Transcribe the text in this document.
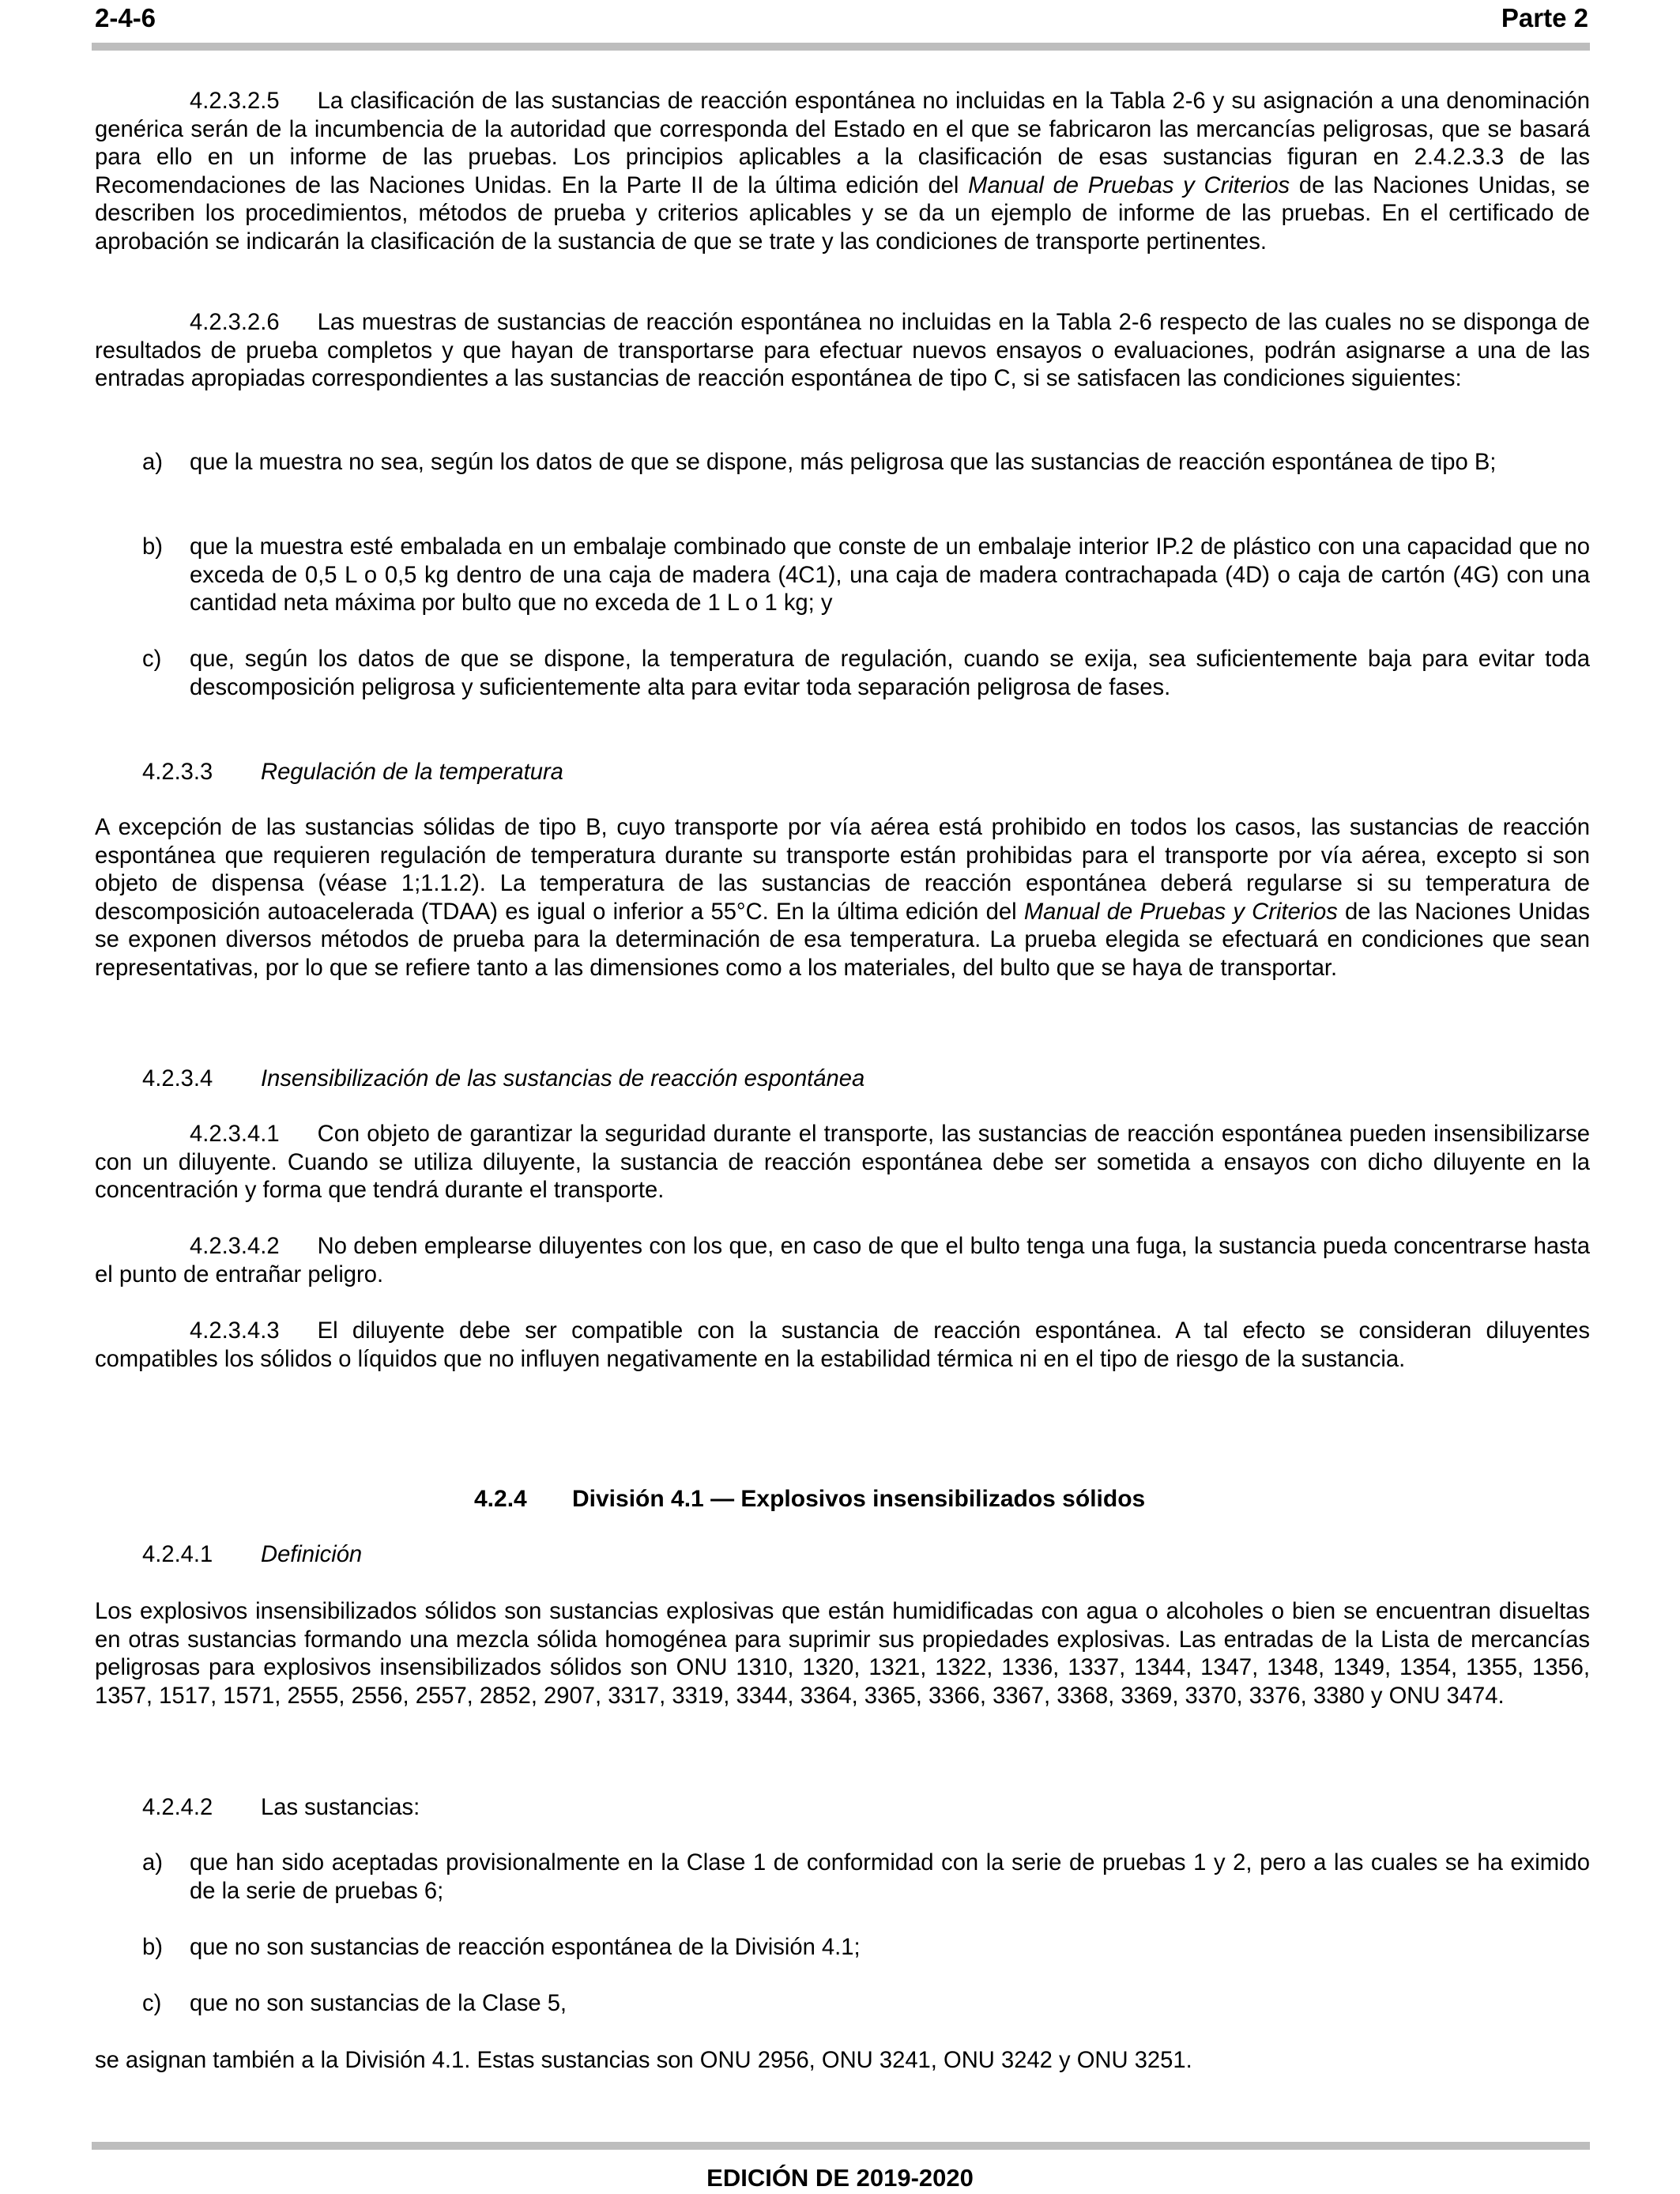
2-4-6	Parte 2

4.2.3.2.5 La clasificación de las sustancias de reacción espontánea no incluidas en la Tabla 2-6 y su asignación a una denominación genérica serán de la incumbencia de la autoridad que corresponda del Estado en el que se fabricaron las mercancías peligrosas, que se basará para ello en un informe de las pruebas. Los principios aplicables a la clasificación de esas sustancias figuran en 2.4.2.3.3 de las Recomendaciones de las Naciones Unidas. En la Parte II de la última edición del Manual de Pruebas y Criterios de las Naciones Unidas, se describen los procedimientos, métodos de prueba y criterios aplicables y se da un ejemplo de informe de las pruebas. En el certificado de aprobación se indicarán la clasificación de la sustancia de que se trate y las condiciones de transporte pertinentes.

4.2.3.2.6 Las muestras de sustancias de reacción espontánea no incluidas en la Tabla 2-6 respecto de las cuales no se disponga de resultados de prueba completos y que hayan de transportarse para efectuar nuevos ensayos o evaluaciones, podrán asignarse a una de las entradas apropiadas correspondientes a las sustancias de reacción espontánea de tipo C, si se satisfacen las condiciones siguientes:

a) que la muestra no sea, según los datos de que se dispone, más peligrosa que las sustancias de reacción espontánea de tipo B;
b) que la muestra esté embalada en un embalaje combinado que conste de un embalaje interior IP.2 de plástico con una capacidad que no exceda de 0,5 L o 0,5 kg dentro de una caja de madera (4C1), una caja de madera contrachapada (4D) o caja de cartón (4G) con una cantidad neta máxima por bulto que no exceda de 1 L o 1 kg; y
c) que, según los datos de que se dispone, la temperatura de regulación, cuando se exija, sea suficientemente baja para evitar toda descomposición peligrosa y suficientemente alta para evitar toda separación peligrosa de fases.
4.2.3.3 Regulación de la temperatura

A excepción de las sustancias sólidas de tipo B, cuyo transporte por vía aérea está prohibido en todos los casos, las sustancias de reacción espontánea que requieren regulación de temperatura durante su transporte están prohibidas para el transporte por vía aérea, excepto si son objeto de dispensa (véase 1;1.1.2). La temperatura de las sustancias de reacción espontánea deberá regularse si su temperatura de descomposición autoacelerada (TDAA) es igual o inferior a 55°C. En la última edición del Manual de Pruebas y Criterios de las Naciones Unidas se exponen diversos métodos de prueba para la determinación de esa temperatura. La prueba elegida se efectuará en condiciones que sean representativas, por lo que se refiere tanto a las dimensiones como a los materiales, del bulto que se haya de transportar.

4.2.3.4 Insensibilización de las sustancias de reacción espontánea

4.2.3.4.1 Con objeto de garantizar la seguridad durante el transporte, las sustancias de reacción espontánea pueden insensibilizarse con un diluyente. Cuando se utiliza diluyente, la sustancia de reacción espontánea debe ser sometida a ensayos con dicho diluyente en la concentración y forma que tendrá durante el transporte.

4.2.3.4.2 No deben emplearse diluyentes con los que, en caso de que el bulto tenga una fuga, la sustancia pueda concentrarse hasta el punto de entrañar peligro.

4.2.3.4.3 El diluyente debe ser compatible con la sustancia de reacción espontánea. A tal efecto se consideran diluyentes compatibles los sólidos o líquidos que no influyen negativamente en la estabilidad térmica ni en el tipo de riesgo de la sustancia.

4.2.4 División 4.1 — Explosivos insensibilizados sólidos
4.2.4.1 Definición

Los explosivos insensibilizados sólidos son sustancias explosivas que están humidificadas con agua o alcoholes o bien se encuentran disueltas en otras sustancias formando una mezcla sólida homogénea para suprimir sus propiedades explosivas. Las entradas de la Lista de mercancías peligrosas para explosivos insensibilizados sólidos son ONU 1310, 1320, 1321, 1322, 1336, 1337, 1344, 1347, 1348, 1349, 1354, 1355, 1356, 1357, 1517, 1571, 2555, 2556, 2557, 2852, 2907, 3317, 3319, 3344, 3364, 3365, 3366, 3367, 3368, 3369, 3370, 3376, 3380 y ONU 3474.

4.2.4.2 Las sustancias:
a) que han sido aceptadas provisionalmente en la Clase 1 de conformidad con la serie de pruebas 1 y 2, pero a las cuales se ha eximido de la serie de pruebas 6;
b) que no son sustancias de reacción espontánea de la División 4.1;
c) que no son sustancias de la Clase 5,

se asignan también a la División 4.1. Estas sustancias son ONU 2956, ONU 3241, ONU 3242 y ONU 3251.

EDICIÓN DE 2019-2020
